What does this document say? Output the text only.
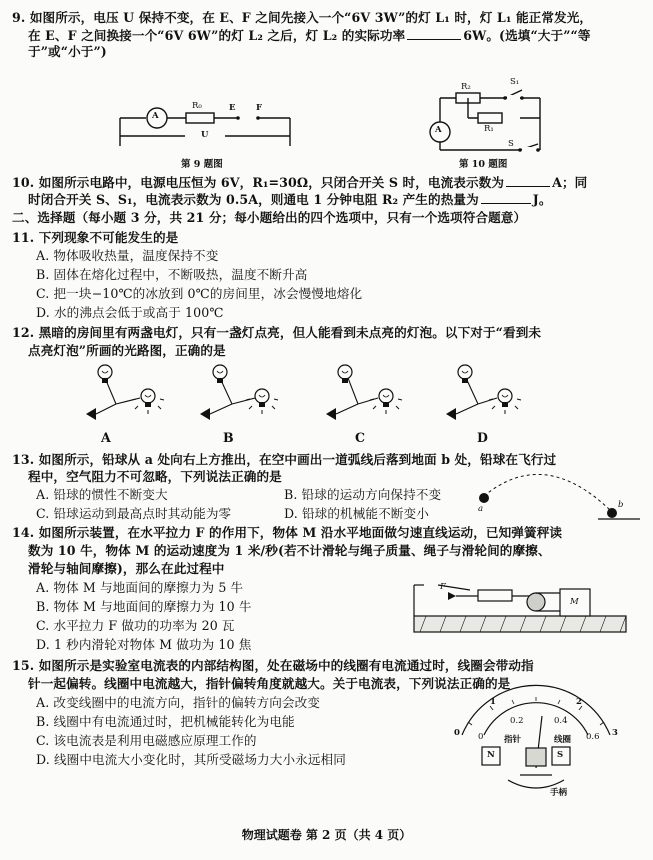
9. 如图所示，电压 U 保持不变，在 E、F 之间先接入一个“6V 3W”的灯 L₁ 时，灯 L₁ 能正常发光，
在 E、F 之间换接一个“6V 6W”的灯 L₂ 之后，灯 L₂ 的实际功率	6W。(选填“大于”“等
于”或“小于”)
A
R₀	E F
U
第 9 题图
A
R₂
R₁
S₁
S
第 10 题图
10. 如图所示电路中，电源电压恒为 6V，R₁=30Ω，只闭合开关 S 时，电流表示数为	A；同
时闭合开关 S、S₁，电流表示数为 0.5A，则通电 1 分钟电阻 R₂ 产生的热量为	J。
二、选择题（每小题 3 分，共 21 分；每小题给出的四个选项中，只有一个选项符合题意）
11. 下列现象不可能发生的是
A. 物体吸收热量，温度保持不变
B. 固体在熔化过程中，不断吸热，温度不断升高
C. 把一块−10℃的冰放到 0℃的房间里，冰会慢慢地熔化
D. 水的沸点会低于或高于 100℃
12. 黑暗的房间里有两盏电灯，只有一盏灯点亮，但人能看到未点亮的灯泡。以下对于“看到未
点亮灯泡”所画的光路图，正确的是
A	B	C	D
13. 如图所示，铅球从 a 处向右上方推出，在空中画出一道弧线后落到地面 b 处，铅球在飞行过
程中，空气阻力不可忽略，下列说法正确的是
A. 铅球的惯性不断变大	B. 铅球的运动方向保持不变
C. 铅球运动到最高点时其动能为零	D. 铅球的机械能不断变小	a	b
14. 如图所示装置，在水平拉力 F 的作用下，物体 M 沿水平地面做匀速直线运动，已知弹簧秤读
数为 10 牛，物体 M 的运动速度为 1 米/秒(若不计滑轮与绳子质量、绳子与滑轮间的摩擦、
滑轮与轴间摩擦)，那么在此过程中
A. 物体 M 与地面间的摩擦力为 5 牛
B. 物体 M 与地面间的摩擦力为 10 牛
C. 水平拉力 F 做功的功率为 20 瓦
D. 1 秒内滑轮对物体 M 做功为 10 焦
F
M
15. 如图所示是实验室电流表的内部结构图，处在磁场中的线圈有电流通过时，线圈会带动指
针一起偏转。线圈中电流越大，指针偏转角度就越大。关于电流表，下列说法正确的是
A. 改变线圈中的电流方向，指针的偏转方向会改变
B. 线圈中有电流通过时，把机械能转化为电能
C. 该电流表是利用电磁感应原理工作的
D. 线圈中电流大小变化时，其所受磁场力大小永远相同
0
1	2
3
0
0.2	0.4
0.6
指针	线圈
N	S
手柄
物理试题卷 第 2 页（共 4 页）
